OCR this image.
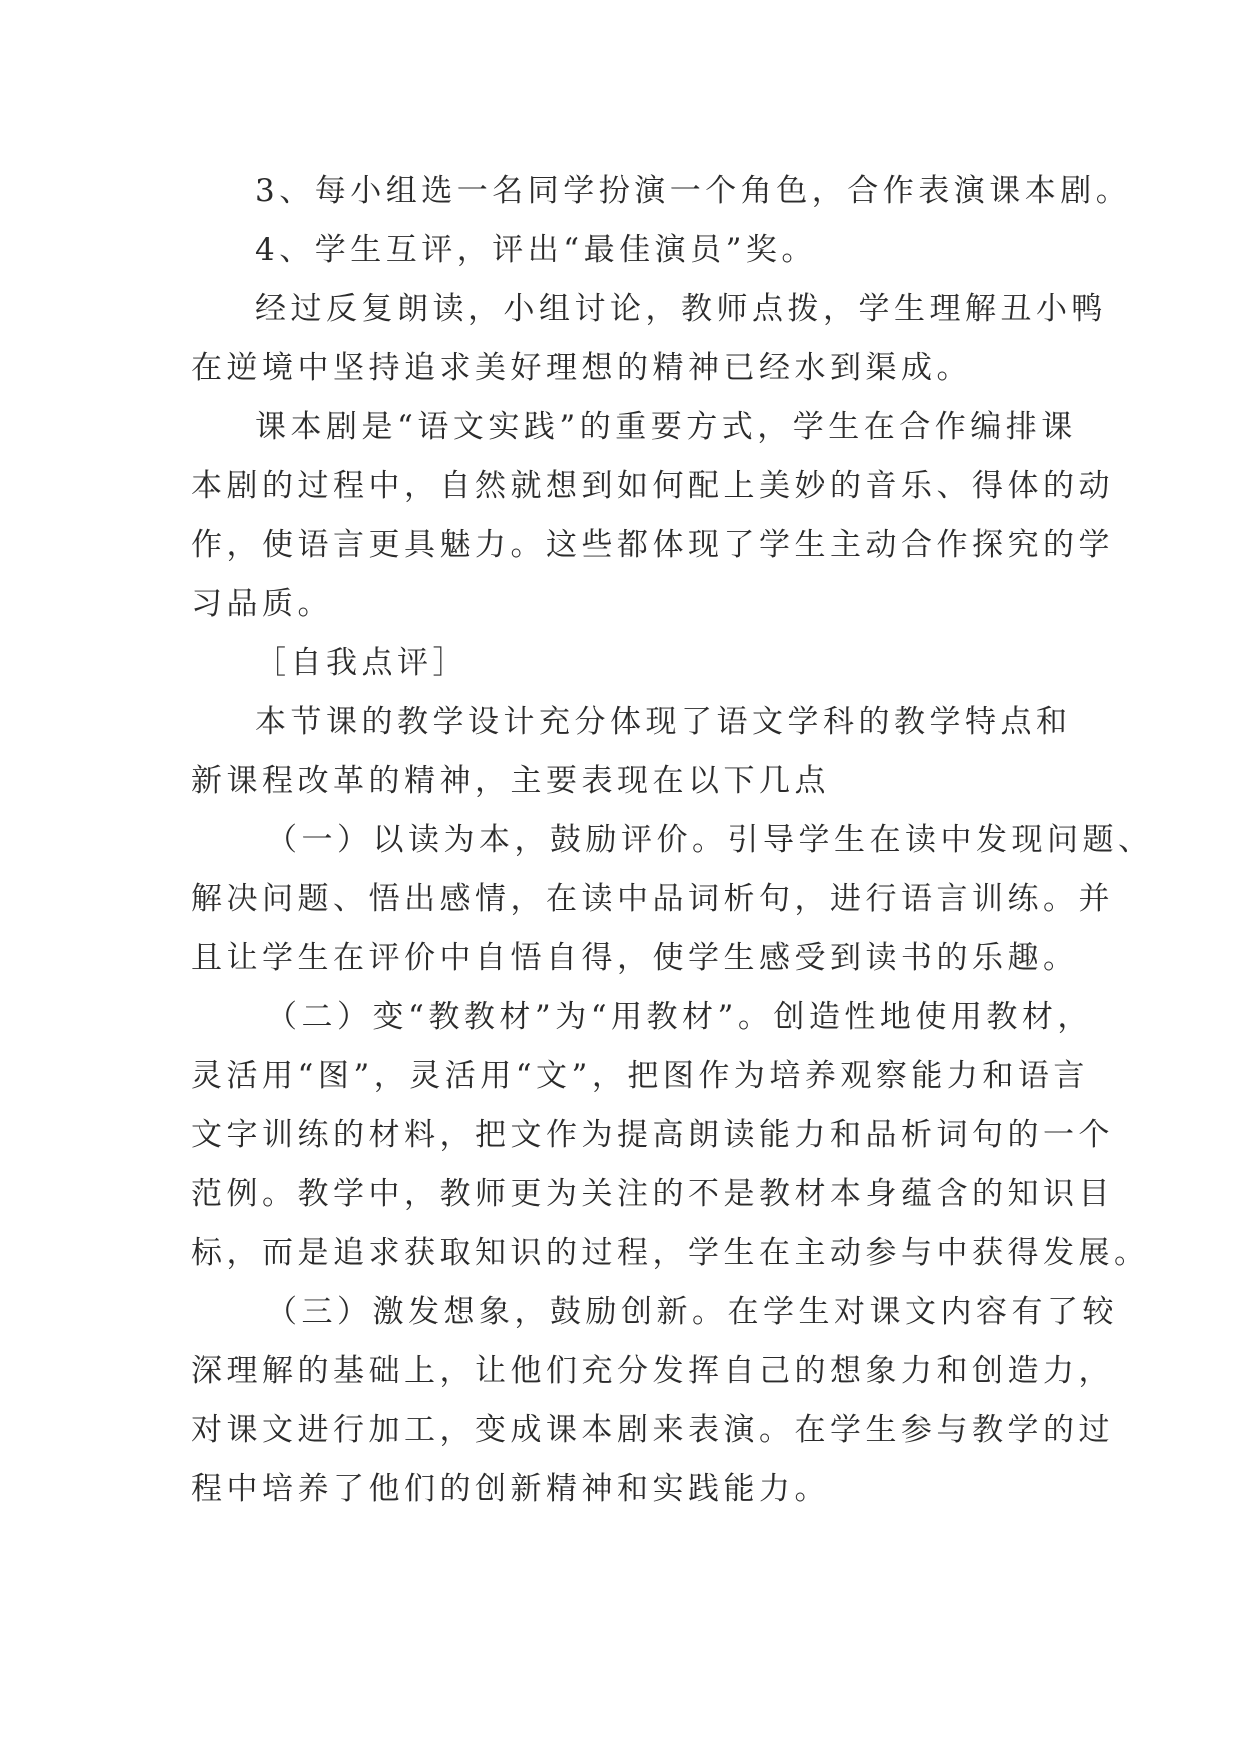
3、每小组选一名同学扮演一个角色，合作表演课本剧。
4、学生互评，评出“最佳演员”奖。
经过反复朗读，小组讨论，教师点拨，学生理解丑小鸭
在逆境中坚持追求美好理想的精神已经水到渠成。
课本剧是“语文实践”的重要方式，学生在合作编排课
本剧的过程中，自然就想到如何配上美妙的音乐、得体的动
作，使语言更具魅力。这些都体现了学生主动合作探究的学
习品质。
［自我点评］
本节课的教学设计充分体现了语文学科的教学特点和
新课程改革的精神，主要表现在以下几点
（一）以读为本，鼓励评价。引导学生在读中发现问题、
解决问题、悟出感情，在读中品词析句，进行语言训练。并
且让学生在评价中自悟自得，使学生感受到读书的乐趣。
（二）变“教教材”为“用教材”。创造性地使用教材，
灵活用“图”，灵活用“文”，把图作为培养观察能力和语言
文字训练的材料，把文作为提高朗读能力和品析词句的一个
范例。教学中，教师更为关注的不是教材本身蕴含的知识目
标，而是追求获取知识的过程，学生在主动参与中获得发展。
（三）激发想象，鼓励创新。在学生对课文内容有了较
深理解的基础上，让他们充分发挥自己的想象力和创造力，
对课文进行加工，变成课本剧来表演。在学生参与教学的过
程中培养了他们的创新精神和实践能力。
